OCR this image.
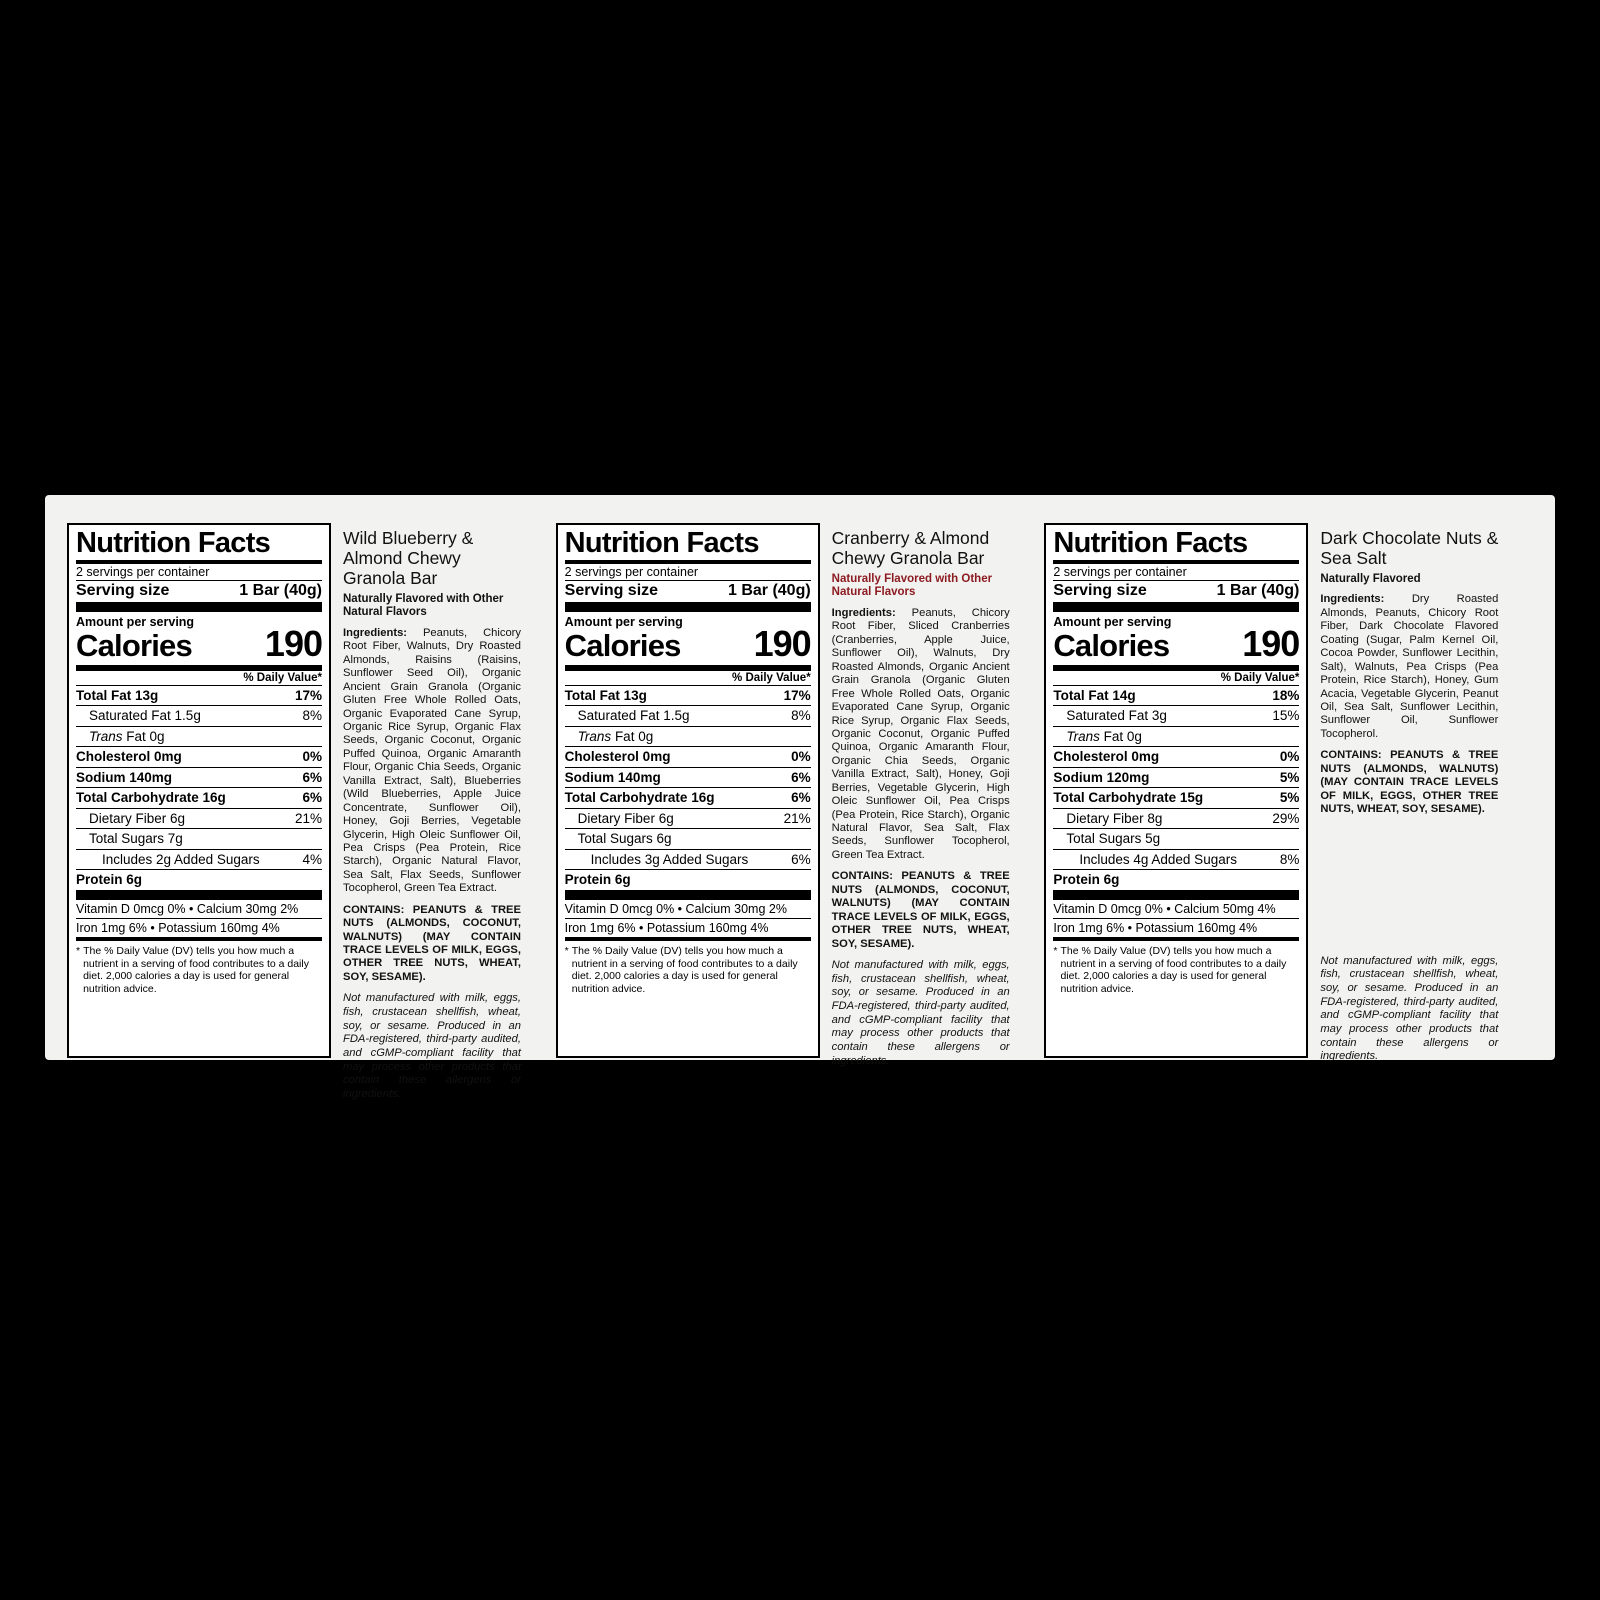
Nutrition Facts
2 servings per container
Serving size	1 Bar (40g)
Amount per serving
Calories 190
% Daily Value*
Total Fat 13g	17%
Saturated Fat 1.5g	8%
Trans Fat 0g
Cholesterol 0mg	0%
Sodium 140mg	6%
Total Carbohydrate 16g	6%
Dietary Fiber 6g	21%
Total Sugars 7g
Includes 2g Added Sugars	4%
Protein 6g
Vitamin D 0mcg 0% • Calcium 30mg 2%
Iron 1mg 6% • Potassium 160mg 4%
* The % Daily Value (DV) tells you how much a nutrient in a serving of food contributes to a daily diet. 2,000 calories a day is used for general nutrition advice.
Wild Blueberry & Almond Chewy Granola Bar
Naturally Flavored with Other Natural Flavors
Ingredients: Peanuts, Chicory Root Fiber, Walnuts, Dry Roasted Almonds, Raisins (Raisins, Sunflower Seed Oil), Organic Ancient Grain Granola (Organic Gluten Free Whole Rolled Oats, Organic Evaporated Cane Syrup, Organic Rice Syrup, Organic Flax Seeds, Organic Coconut, Organic Puffed Quinoa, Organic Amaranth Flour, Organic Chia Seeds, Organic Vanilla Extract, Salt), Blueberries (Wild Blueberries, Apple Juice Concentrate, Sunflower Oil), Honey, Goji Berries, Vegetable Glycerin, High Oleic Sunflower Oil, Pea Crisps (Pea Protein, Rice Starch), Organic Natural Flavor, Sea Salt, Flax Seeds, Sunflower Tocopherol, Green Tea Extract.
CONTAINS: PEANUTS & TREE NUTS (ALMONDS, COCONUT, WALNUTS) (MAY CONTAIN TRACE LEVELS OF MILK, EGGS, OTHER TREE NUTS, WHEAT, SOY, SESAME).
Not manufactured with milk, eggs, fish, crustacean shellfish, wheat, soy, or sesame. Produced in an FDA-registered, third-party audited, and cGMP-compliant facility that may process other products that contain these allergens or ingredients.
Nutrition Facts
2 servings per container
Serving size	1 Bar (40g)
Amount per serving
Calories 190
% Daily Value*
Total Fat 13g	17%
Saturated Fat 1.5g	8%
Trans Fat 0g
Cholesterol 0mg	0%
Sodium 140mg	6%
Total Carbohydrate 16g	6%
Dietary Fiber 6g	21%
Total Sugars 6g
Includes 3g Added Sugars	6%
Protein 6g
Vitamin D 0mcg 0% • Calcium 30mg 2%
Iron 1mg 6% • Potassium 160mg 4%
* The % Daily Value (DV) tells you how much a nutrient in a serving of food contributes to a daily diet. 2,000 calories a day is used for general nutrition advice.
Cranberry & Almond Chewy Granola Bar
Naturally Flavored with Other Natural Flavors
Ingredients: Peanuts, Chicory Root Fiber, Sliced Cranberries (Cranberries, Apple Juice, Sunflower Oil), Walnuts, Dry Roasted Almonds, Organic Ancient Grain Granola (Organic Gluten Free Whole Rolled Oats, Organic Evaporated Cane Syrup, Organic Rice Syrup, Organic Flax Seeds, Organic Coconut, Organic Puffed Quinoa, Organic Amaranth Flour, Organic Chia Seeds, Organic Vanilla Extract, Salt), Honey, Goji Berries, Vegetable Glycerin, High Oleic Sunflower Oil, Pea Crisps (Pea Protein, Rice Starch), Organic Natural Flavor, Sea Salt, Flax Seeds, Sunflower Tocopherol, Green Tea Extract.
CONTAINS: PEANUTS & TREE NUTS (ALMONDS, COCONUT, WALNUTS) (MAY CONTAIN TRACE LEVELS OF MILK, EGGS, OTHER TREE NUTS, WHEAT, SOY, SESAME).
Not manufactured with milk, eggs, fish, crustacean shellfish, wheat, soy, or sesame. Produced in an FDA-registered, third-party audited, and cGMP-compliant facility that may process other products that contain these allergens or ingredients.
Nutrition Facts
2 servings per container
Serving size	1 Bar (40g)
Amount per serving
Calories 190
% Daily Value*
Total Fat 14g	18%
Saturated Fat 3g	15%
Trans Fat 0g
Cholesterol 0mg	0%
Sodium 120mg	5%
Total Carbohydrate 15g	5%
Dietary Fiber 8g	29%
Total Sugars 5g
Includes 4g Added Sugars	8%
Protein 6g
Vitamin D 0mcg 0% • Calcium 50mg 4%
Iron 1mg 6% • Potassium 160mg 4%
* The % Daily Value (DV) tells you how much a nutrient in a serving of food contributes to a daily diet. 2,000 calories a day is used for general nutrition advice.
Dark Chocolate Nuts & Sea Salt
Naturally Flavored
Ingredients: Dry Roasted Almonds, Peanuts, Chicory Root Fiber, Dark Chocolate Flavored Coating (Sugar, Palm Kernel Oil, Cocoa Powder, Sunflower Lecithin, Salt), Walnuts, Pea Crisps (Pea Protein, Rice Starch), Honey, Gum Acacia, Vegetable Glycerin, Peanut Oil, Sea Salt, Sunflower Lecithin, Sunflower Oil, Sunflower Tocopherol.
CONTAINS: PEANUTS & TREE NUTS (ALMONDS, WALNUTS) (MAY CONTAIN TRACE LEVELS OF MILK, EGGS, OTHER TREE NUTS, WHEAT, SOY, SESAME).
Not manufactured with milk, eggs, fish, crustacean shellfish, wheat, soy, or sesame. Produced in an FDA-registered, third-party audited, and cGMP-compliant facility that may process other products that contain these allergens or ingredients.
